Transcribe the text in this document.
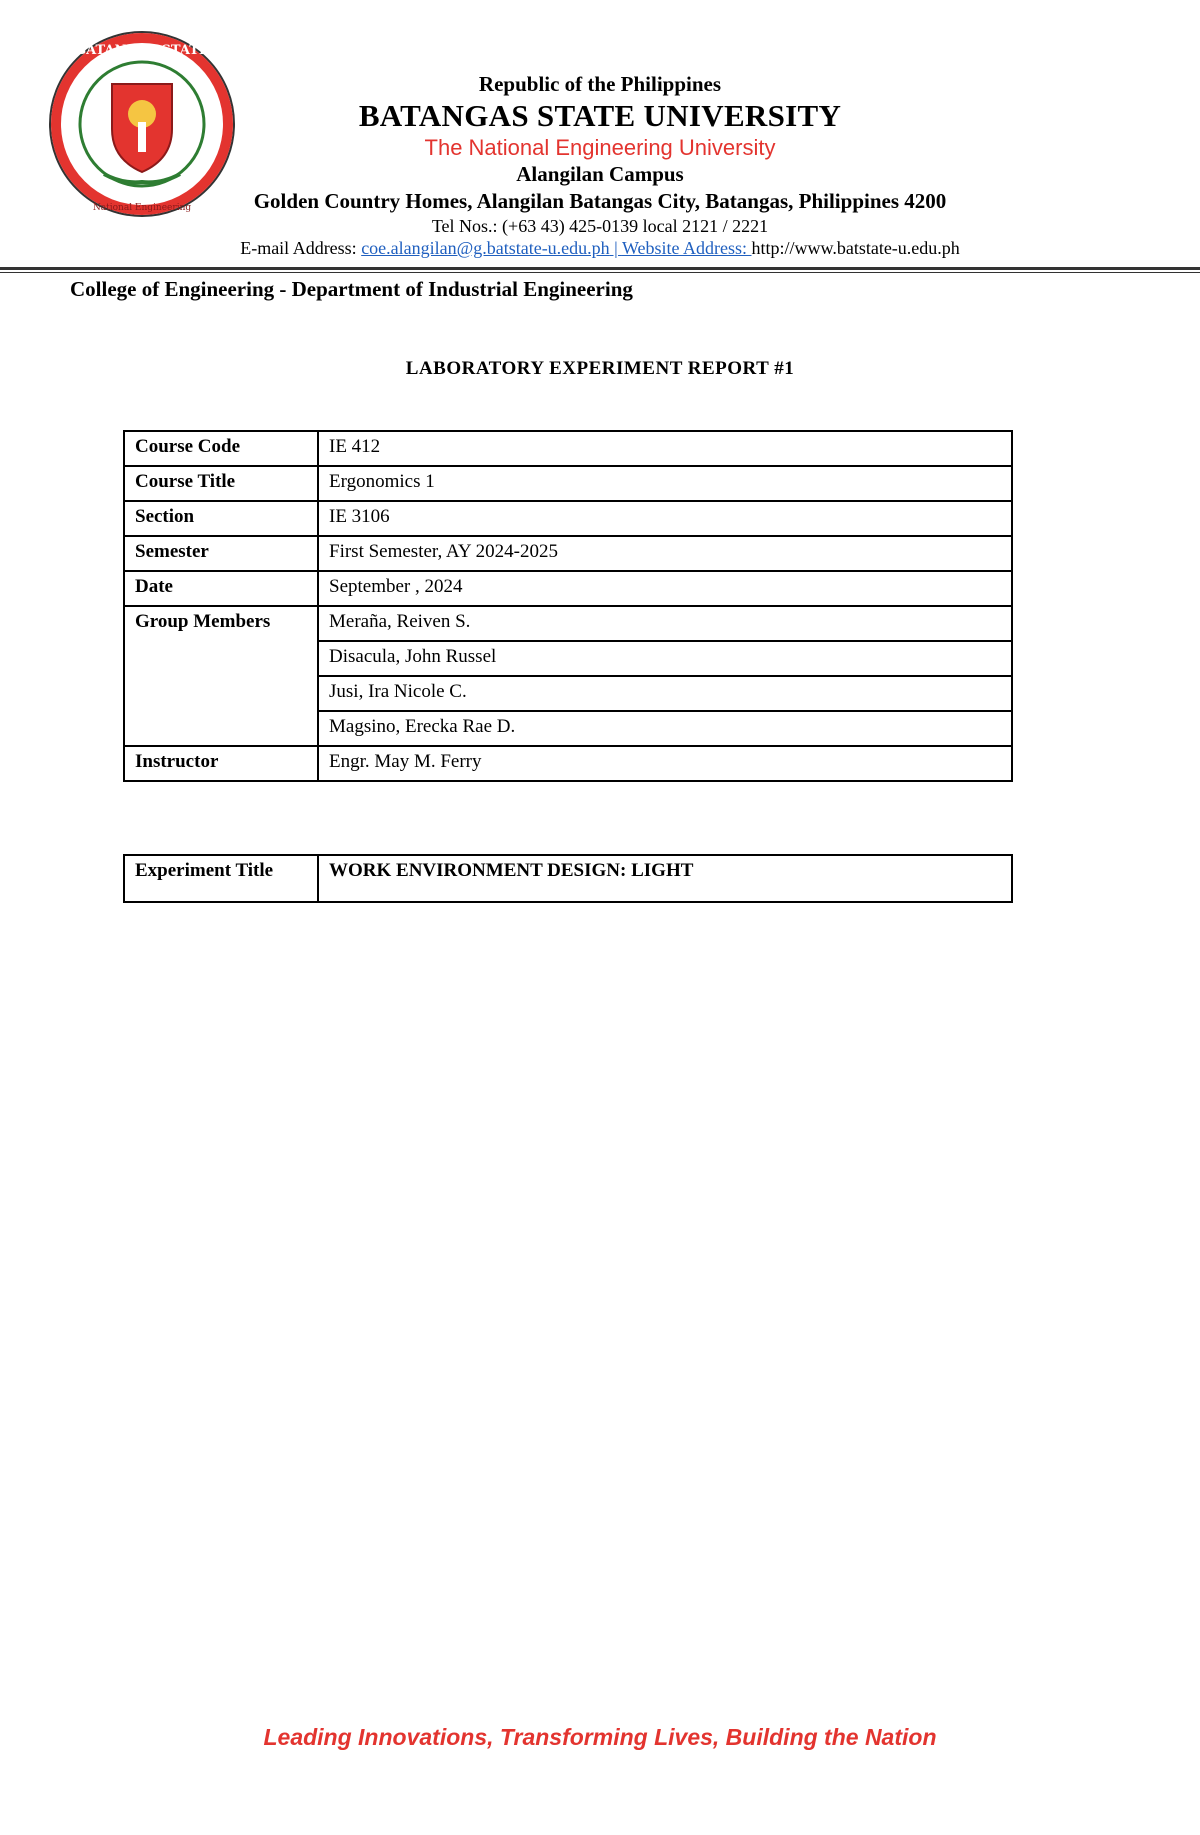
BATANGAS STATE
National Engineering
Republic of the Philippines
BATANGAS STATE UNIVERSITY
The National Engineering University
Alangilan Campus
Golden Country Homes, Alangilan Batangas City, Batangas, Philippines 4200
Tel Nos.: (+63 43) 425-0139 local 2121 / 2221
E-mail Address: coe.alangilan@g.batstate-u.edu.ph | Website Address: http://www.batstate-u.edu.ph
College of Engineering - Department of Industrial Engineering
LABORATORY EXPERIMENT REPORT #1
Course Code	IE 412
Course Title	Ergonomics 1
Section	IE 3106
Semester	First Semester, AY 2024-2025
Date	September , 2024
Group Members	Meraña, Reiven S.
	Disacula, John Russel
	Jusi, Ira Nicole C.
	Magsino, Erecka Rae D.
Instructor	Engr. May M. Ferry
Experiment Title	WORK ENVIRONMENT DESIGN: LIGHT
Leading Innovations, Transforming Lives, Building the Nation
